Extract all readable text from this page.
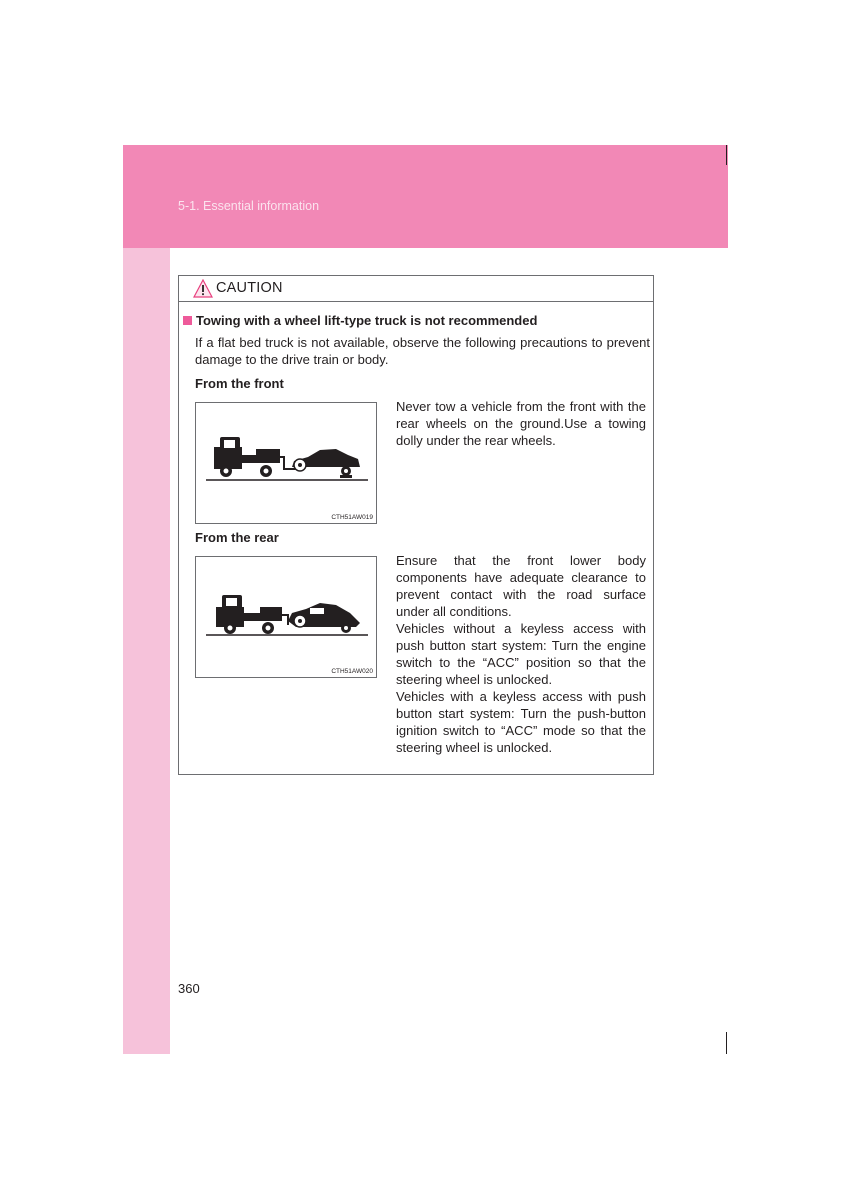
5-1. Essential information
CAUTION
Towing with a wheel lift-type truck is not recommended
If a flat bed truck is not available, observe the following precautions to prevent damage to the drive train or body.
From the front
CTH51AW019
Never tow a vehicle from the front with the rear wheels on the ground.Use a towing dolly under the rear wheels.
From the rear
CTH51AW020
Ensure that the front lower body components have adequate clearance to prevent contact with the road surface under all conditions.
Vehicles without a keyless access with push button start system: Turn the engine switch to the “ACC” position so that the steering wheel is unlocked.
Vehicles with a keyless access with push button start system: Turn the push-button ignition switch to “ACC” mode so that the steering wheel is unlocked.
360
